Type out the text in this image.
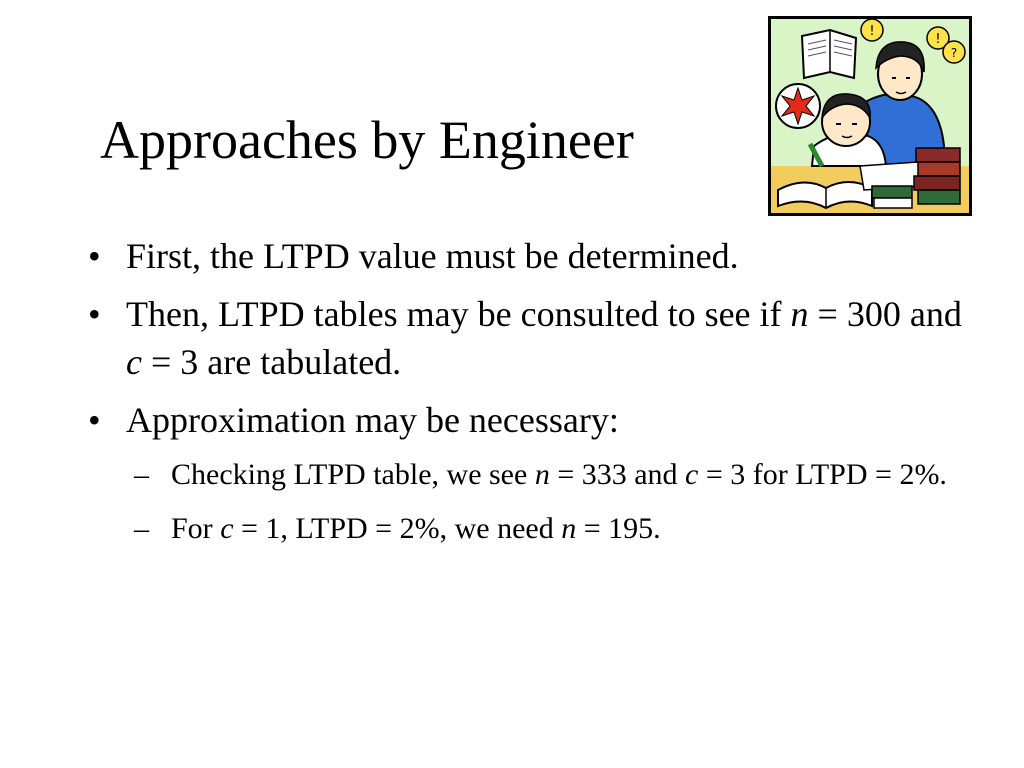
Approaches by Engineer
!
!
?
• First, the LTPD value must be determined.
• Then, LTPD tables may be consulted to see if n = 300 and c = 3 are tabulated.
• Approximation may be necessary:
– Checking LTPD table, we see n = 333 and c = 3 for LTPD = 2%.
– For c = 1, LTPD = 2%, we need n = 195.
